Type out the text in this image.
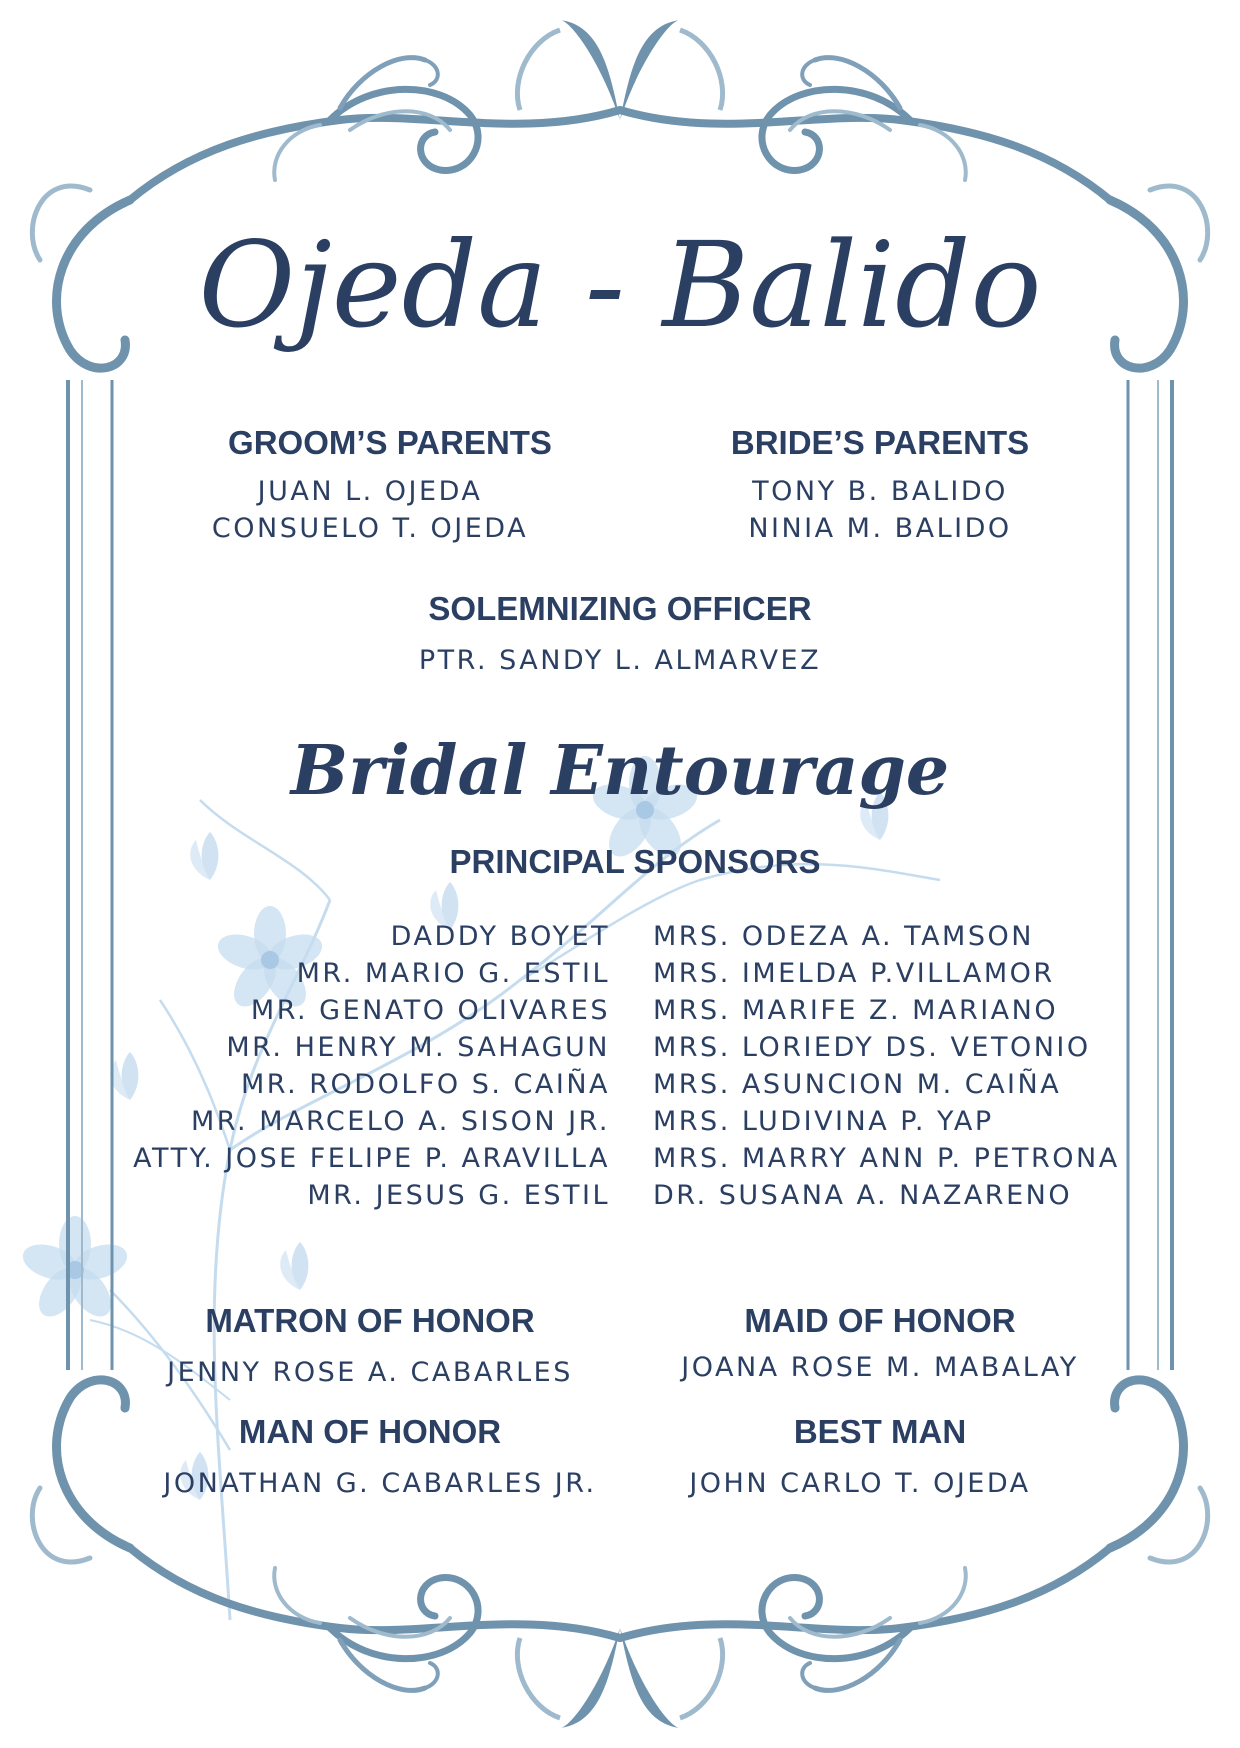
Ojeda - Balido
GROOM’S PARENTS	BRIDE’S PARENTS
JUAN L. OJEDA
CONSUELO T. OJEDA
TONY B. BALIDO
NINIA M. BALIDO
SOLEMNIZING OFFICER
PTR. SANDY L. ALMARVEZ
Bridal Entourage
PRINCIPAL SPONSORS
DADDY BOYET
MR. MARIO G. ESTIL
MR. GENATO OLIVARES
MR. HENRY M. SAHAGUN
MR. RODOLFO S. CAIÑA
MR. MARCELO A. SISON JR.
ATTY. JOSE FELIPE P. ARAVILLA
MR. JESUS G. ESTIL
MRS. ODEZA A. TAMSON
MRS. IMELDA P.VILLAMOR
MRS. MARIFE Z. MARIANO
MRS. LORIEDY DS. VETONIO
MRS. ASUNCION M. CAIÑA
MRS. LUDIVINA P. YAP
MRS. MARRY ANN P. PETRONA
DR. SUSANA A. NAZARENO
MATRON OF HONOR
JENNY ROSE A. CABARLES
MAID OF HONOR
JOANA ROSE M. MABALAY
MAN OF HONOR
JONATHAN G. CABARLES JR.
BEST MAN
JOHN CARLO T. OJEDA
